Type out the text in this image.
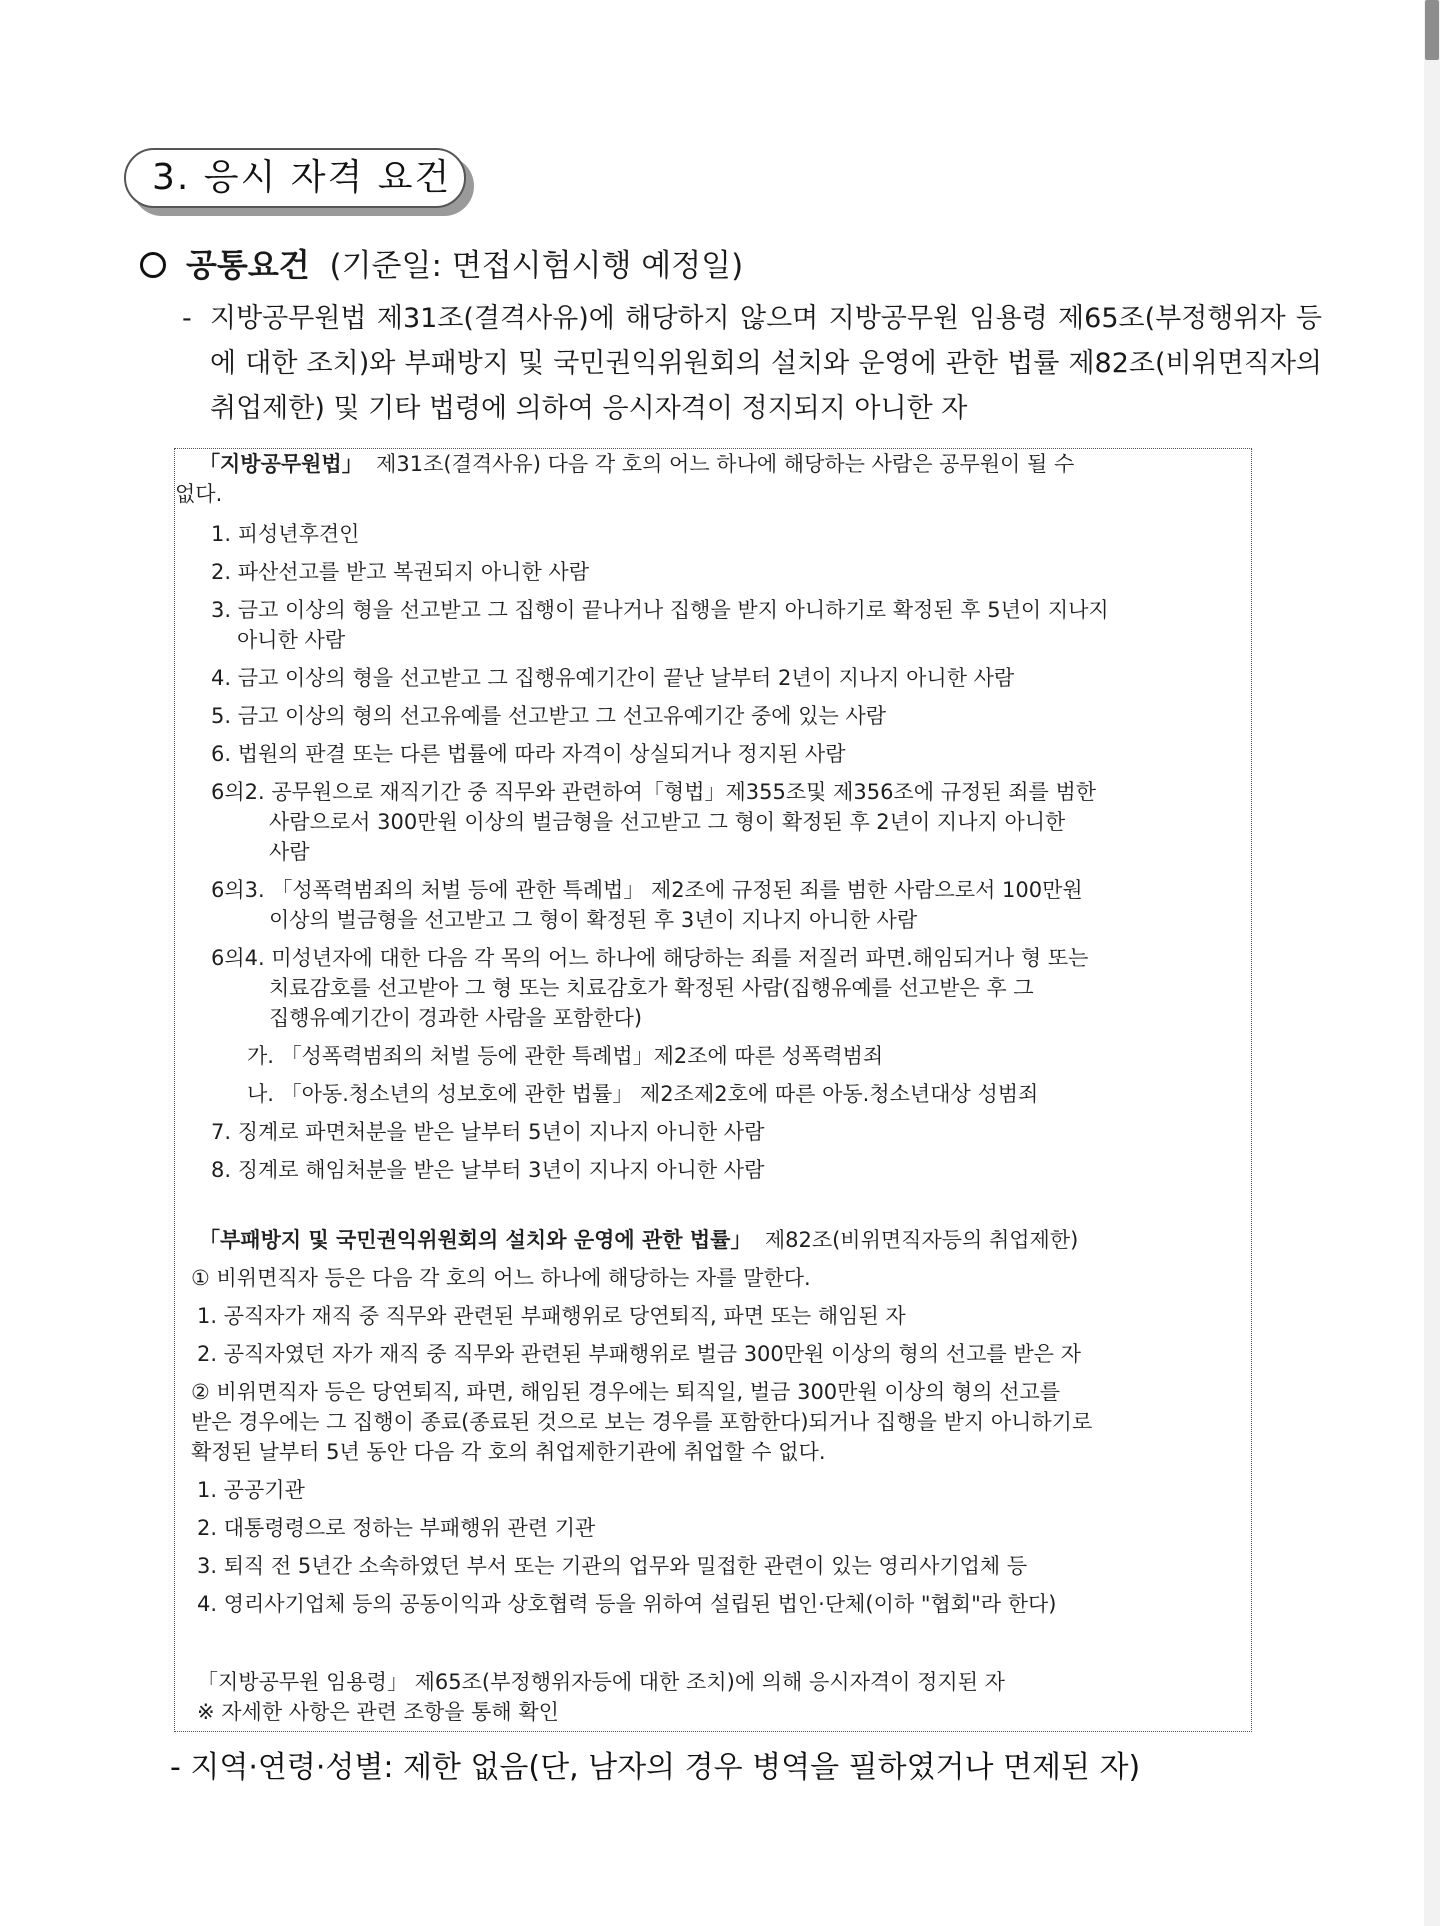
3. 응시 자격 요건
공통요건 (기준일: 면접시험시행 예정일)
- 지방공무원법 제31조(결격사유)에 해당하지 않으며 지방공무원 임용령 제65조(부정행위자 등에 대한 조치)와 부패방지 및 국민권익위원회의 설치와 운영에 관한 법률 제82조(비위면직자의 취업제한) 및 기타 법령에 의하여 응시자격이 정지되지 아니한 자
「지방공무원법」 제31조(결격사유) 다음 각 호의 어느 하나에 해당하는 사람은 공무원이 될 수
없다.
1. 피성년후견인
2. 파산선고를 받고 복권되지 아니한 사람
3. 금고 이상의 형을 선고받고 그 집행이 끝나거나 집행을 받지 아니하기로 확정된 후 5년이 지나지
아니한 사람
4. 금고 이상의 형을 선고받고 그 집행유예기간이 끝난 날부터 2년이 지나지 아니한 사람
5. 금고 이상의 형의 선고유예를 선고받고 그 선고유예기간 중에 있는 사람
6. 법원의 판결 또는 다른 법률에 따라 자격이 상실되거나 정지된 사람
6의2. 공무원으로 재직기간 중 직무와 관련하여「형법」제355조및 제356조에 규정된 죄를 범한
사람으로서 300만원 이상의 벌금형을 선고받고 그 형이 확정된 후 2년이 지나지 아니한
사람
6의3. 「성폭력범죄의 처벌 등에 관한 특례법」 제2조에 규정된 죄를 범한 사람으로서 100만원
이상의 벌금형을 선고받고 그 형이 확정된 후 3년이 지나지 아니한 사람
6의4. 미성년자에 대한 다음 각 목의 어느 하나에 해당하는 죄를 저질러 파면.해임되거나 형 또는
치료감호를 선고받아 그 형 또는 치료감호가 확정된 사람(집행유예를 선고받은 후 그
집행유예기간이 경과한 사람을 포함한다)
가. 「성폭력범죄의 처벌 등에 관한 특례법」제2조에 따른 성폭력범죄
나. 「아동.청소년의 성보호에 관한 법률」 제2조제2호에 따른 아동.청소년대상 성범죄
7. 징계로 파면처분을 받은 날부터 5년이 지나지 아니한 사람
8. 징계로 해임처분을 받은 날부터 3년이 지나지 아니한 사람
「부패방지 및 국민권익위원회의 설치와 운영에 관한 법률」 제82조(비위면직자등의 취업제한)
① 비위면직자 등은 다음 각 호의 어느 하나에 해당하는 자를 말한다.
1. 공직자가 재직 중 직무와 관련된 부패행위로 당연퇴직, 파면 또는 해임된 자
2. 공직자였던 자가 재직 중 직무와 관련된 부패행위로 벌금 300만원 이상의 형의 선고를 받은 자
② 비위면직자 등은 당연퇴직, 파면, 해임된 경우에는 퇴직일, 벌금 300만원 이상의 형의 선고를
받은 경우에는 그 집행이 종료(종료된 것으로 보는 경우를 포함한다)되거나 집행을 받지 아니하기로
확정된 날부터 5년 동안 다음 각 호의 취업제한기관에 취업할 수 없다.
1. 공공기관
2. 대통령령으로 정하는 부패행위 관련 기관
3. 퇴직 전 5년간 소속하였던 부서 또는 기관의 업무와 밀접한 관련이 있는 영리사기업체 등
4. 영리사기업체 등의 공동이익과 상호협력 등을 위하여 설립된 법인·단체(이하 "협회"라 한다)
「지방공무원 임용령」 제65조(부정행위자등에 대한 조치)에 의해 응시자격이 정지된 자
※ 자세한 사항은 관련 조항을 통해 확인
- 지역·연령·성별: 제한 없음(단, 남자의 경우 병역을 필하였거나 면제된 자)
